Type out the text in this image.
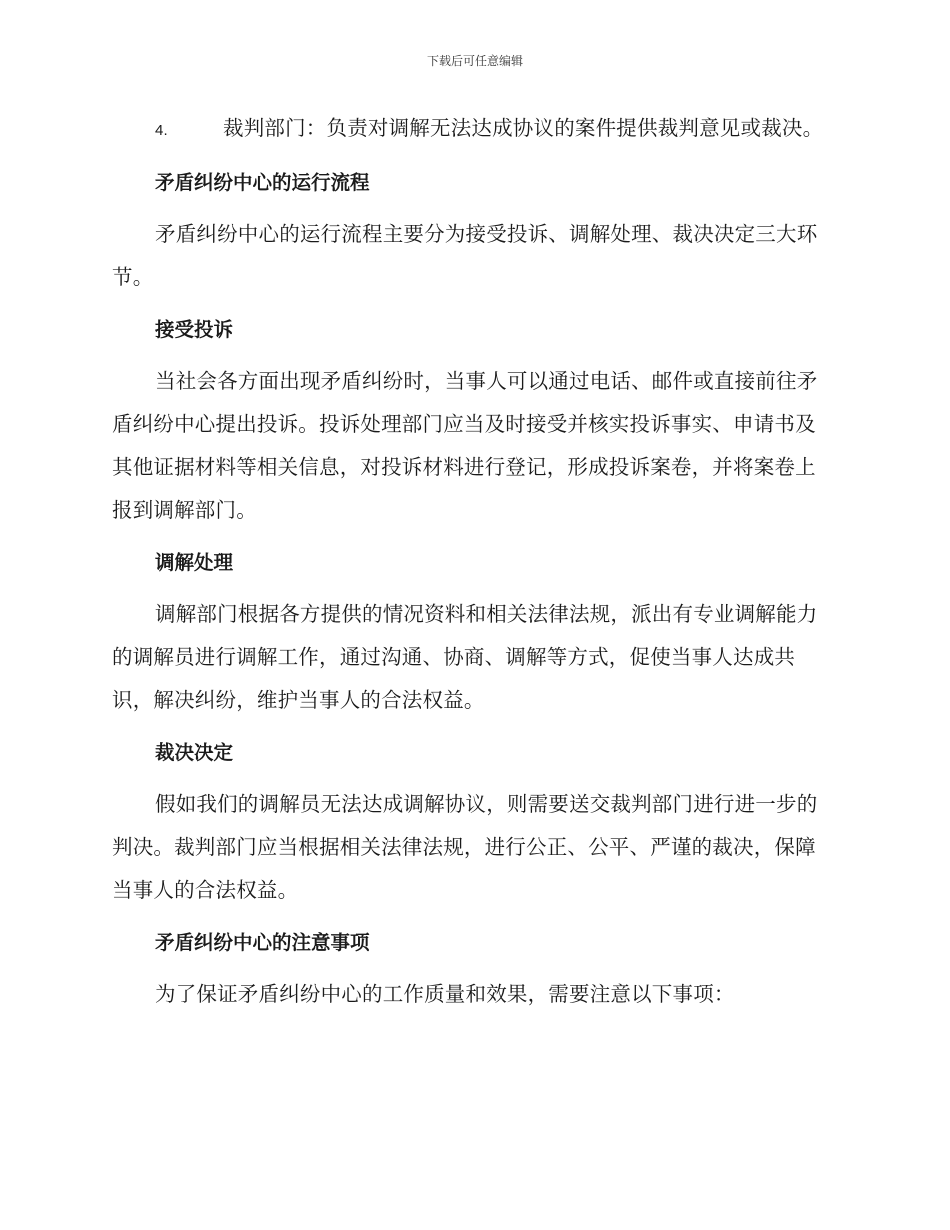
下载后可任意编辑

4.	裁判部门：负责对调解无法达成协议的案件提供裁判意见或裁决。

矛盾纠纷中心的运行流程

矛盾纠纷中心的运行流程主要分为接受投诉、调解处理、裁决决定三大环节。

接受投诉

当社会各方面出现矛盾纠纷时，当事人可以通过电话、邮件或直接前往矛盾纠纷中心提出投诉。投诉处理部门应当及时接受并核实投诉事实、申请书及其他证据材料等相关信息，对投诉材料进行登记，形成投诉案卷，并将案卷上报到调解部门。

调解处理

调解部门根据各方提供的情况资料和相关法律法规，派出有专业调解能力的调解员进行调解工作，通过沟通、协商、调解等方式，促使当事人达成共识，解决纠纷，维护当事人的合法权益。

裁决决定

假如我们的调解员无法达成调解协议，则需要送交裁判部门进行进一步的判决。裁判部门应当根据相关法律法规，进行公正、公平、严谨的裁决，保障当事人的合法权益。

矛盾纠纷中心的注意事项

为了保证矛盾纠纷中心的工作质量和效果，需要注意以下事项：
